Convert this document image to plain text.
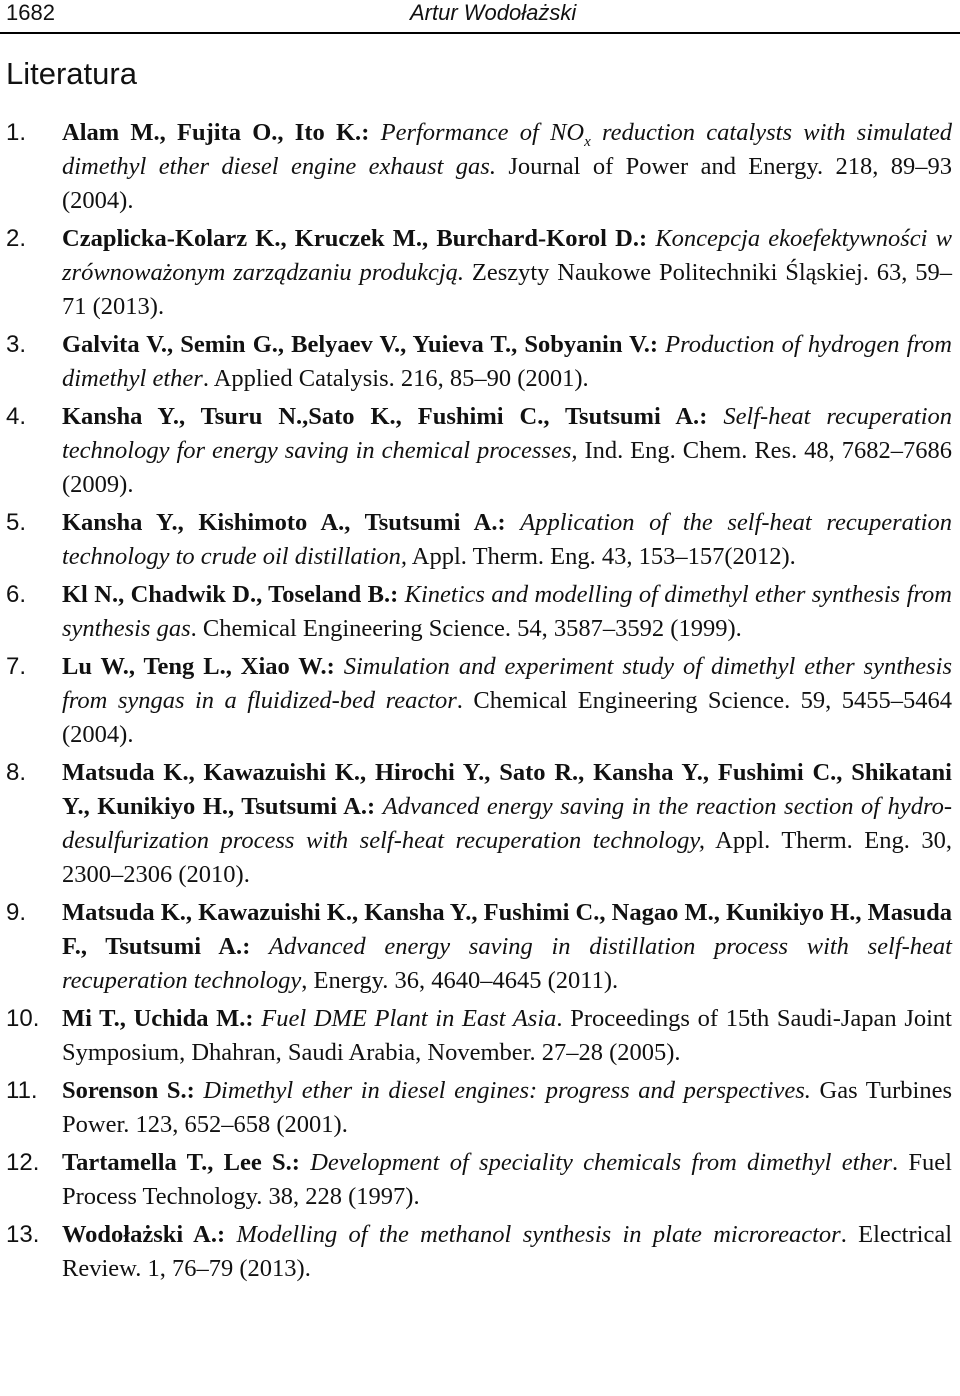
1682	Artur Wodołażski
Literatura
1.	Alam M., Fujita O., Ito K.: Performance of $NO_x$ reduction catalysts with simulated dimethyl ether diesel engine exhaust gas. Journal of Power and Energy. 218, 89–93 (2004).
2.	Czaplicka-Kolarz K., Kruczek M., Burchard-Korol D.: Koncepcja ekoefektywności w zrównoważonym zarządzaniu produkcją. Zeszyty Naukowe Politechniki Śląskiej. 63, 59–71 (2013).
3.	Galvita V., Semin G., Belyaev V., Yuieva T., Sobyanin V.: Production of hydrogen from dimethyl ether. Applied Catalysis. 216, 85–90 (2001).
4.	Kansha Y., Tsuru N.,Sato K., Fushimi C., Tsutsumi A.: Self-heat recuperation technology for energy saving in chemical processes, Ind. Eng. Chem. Res. 48, 7682–7686 (2009).
5.	Kansha Y., Kishimoto A., Tsutsumi A.: Application of the self-heat recuperation technology to crude oil distillation, Appl. Therm. Eng. 43, 153–157(2012).
6.	Kl N., Chadwik D., Toseland B.: Kinetics and modelling of dimethyl ether synthesis from synthesis gas. Chemical Engineering Science. 54, 3587–3592 (1999).
7.	Lu W., Teng L., Xiao W.: Simulation and experiment study of dimethyl ether synthesis from syngas in a fluidized-bed reactor. Chemical Engineering Science. 59, 5455–5464 (2004).
8.	Matsuda K., Kawazuishi K., Hirochi Y., Sato R., Kansha Y., Fushimi C., Shikatani Y., Kunikiyo H., Tsutsumi A.: Advanced energy saving in the reaction section of hydro-desulfurization process with self-heat recuperation technology, Appl. Therm. Eng. 30, 2300–2306 (2010).
9.	Matsuda K., Kawazuishi K., Kansha Y., Fushimi C., Nagao M., Kunikiyo H., Masuda F., Tsutsumi A.: Advanced energy saving in distillation process with self-heat recuperation technology, Energy. 36, 4640–4645 (2011).
10. Mi T., Uchida M.: Fuel DME Plant in East Asia. Proceedings of 15th Saudi-Japan Joint Symposium, Dhahran, Saudi Arabia, November. 27–28 (2005).
11. Sorenson S.: Dimethyl ether in diesel engines: progress and perspectives. Gas Turbines Power. 123, 652–658 (2001).
12. Tartamella T., Lee S.: Development of speciality chemicals from dimethyl ether. Fuel Process Technology. 38, 228 (1997).
13. Wodołażski A.: Modelling of the methanol synthesis in plate microreactor. Electrical Review. 1, 76–79 (2013).
